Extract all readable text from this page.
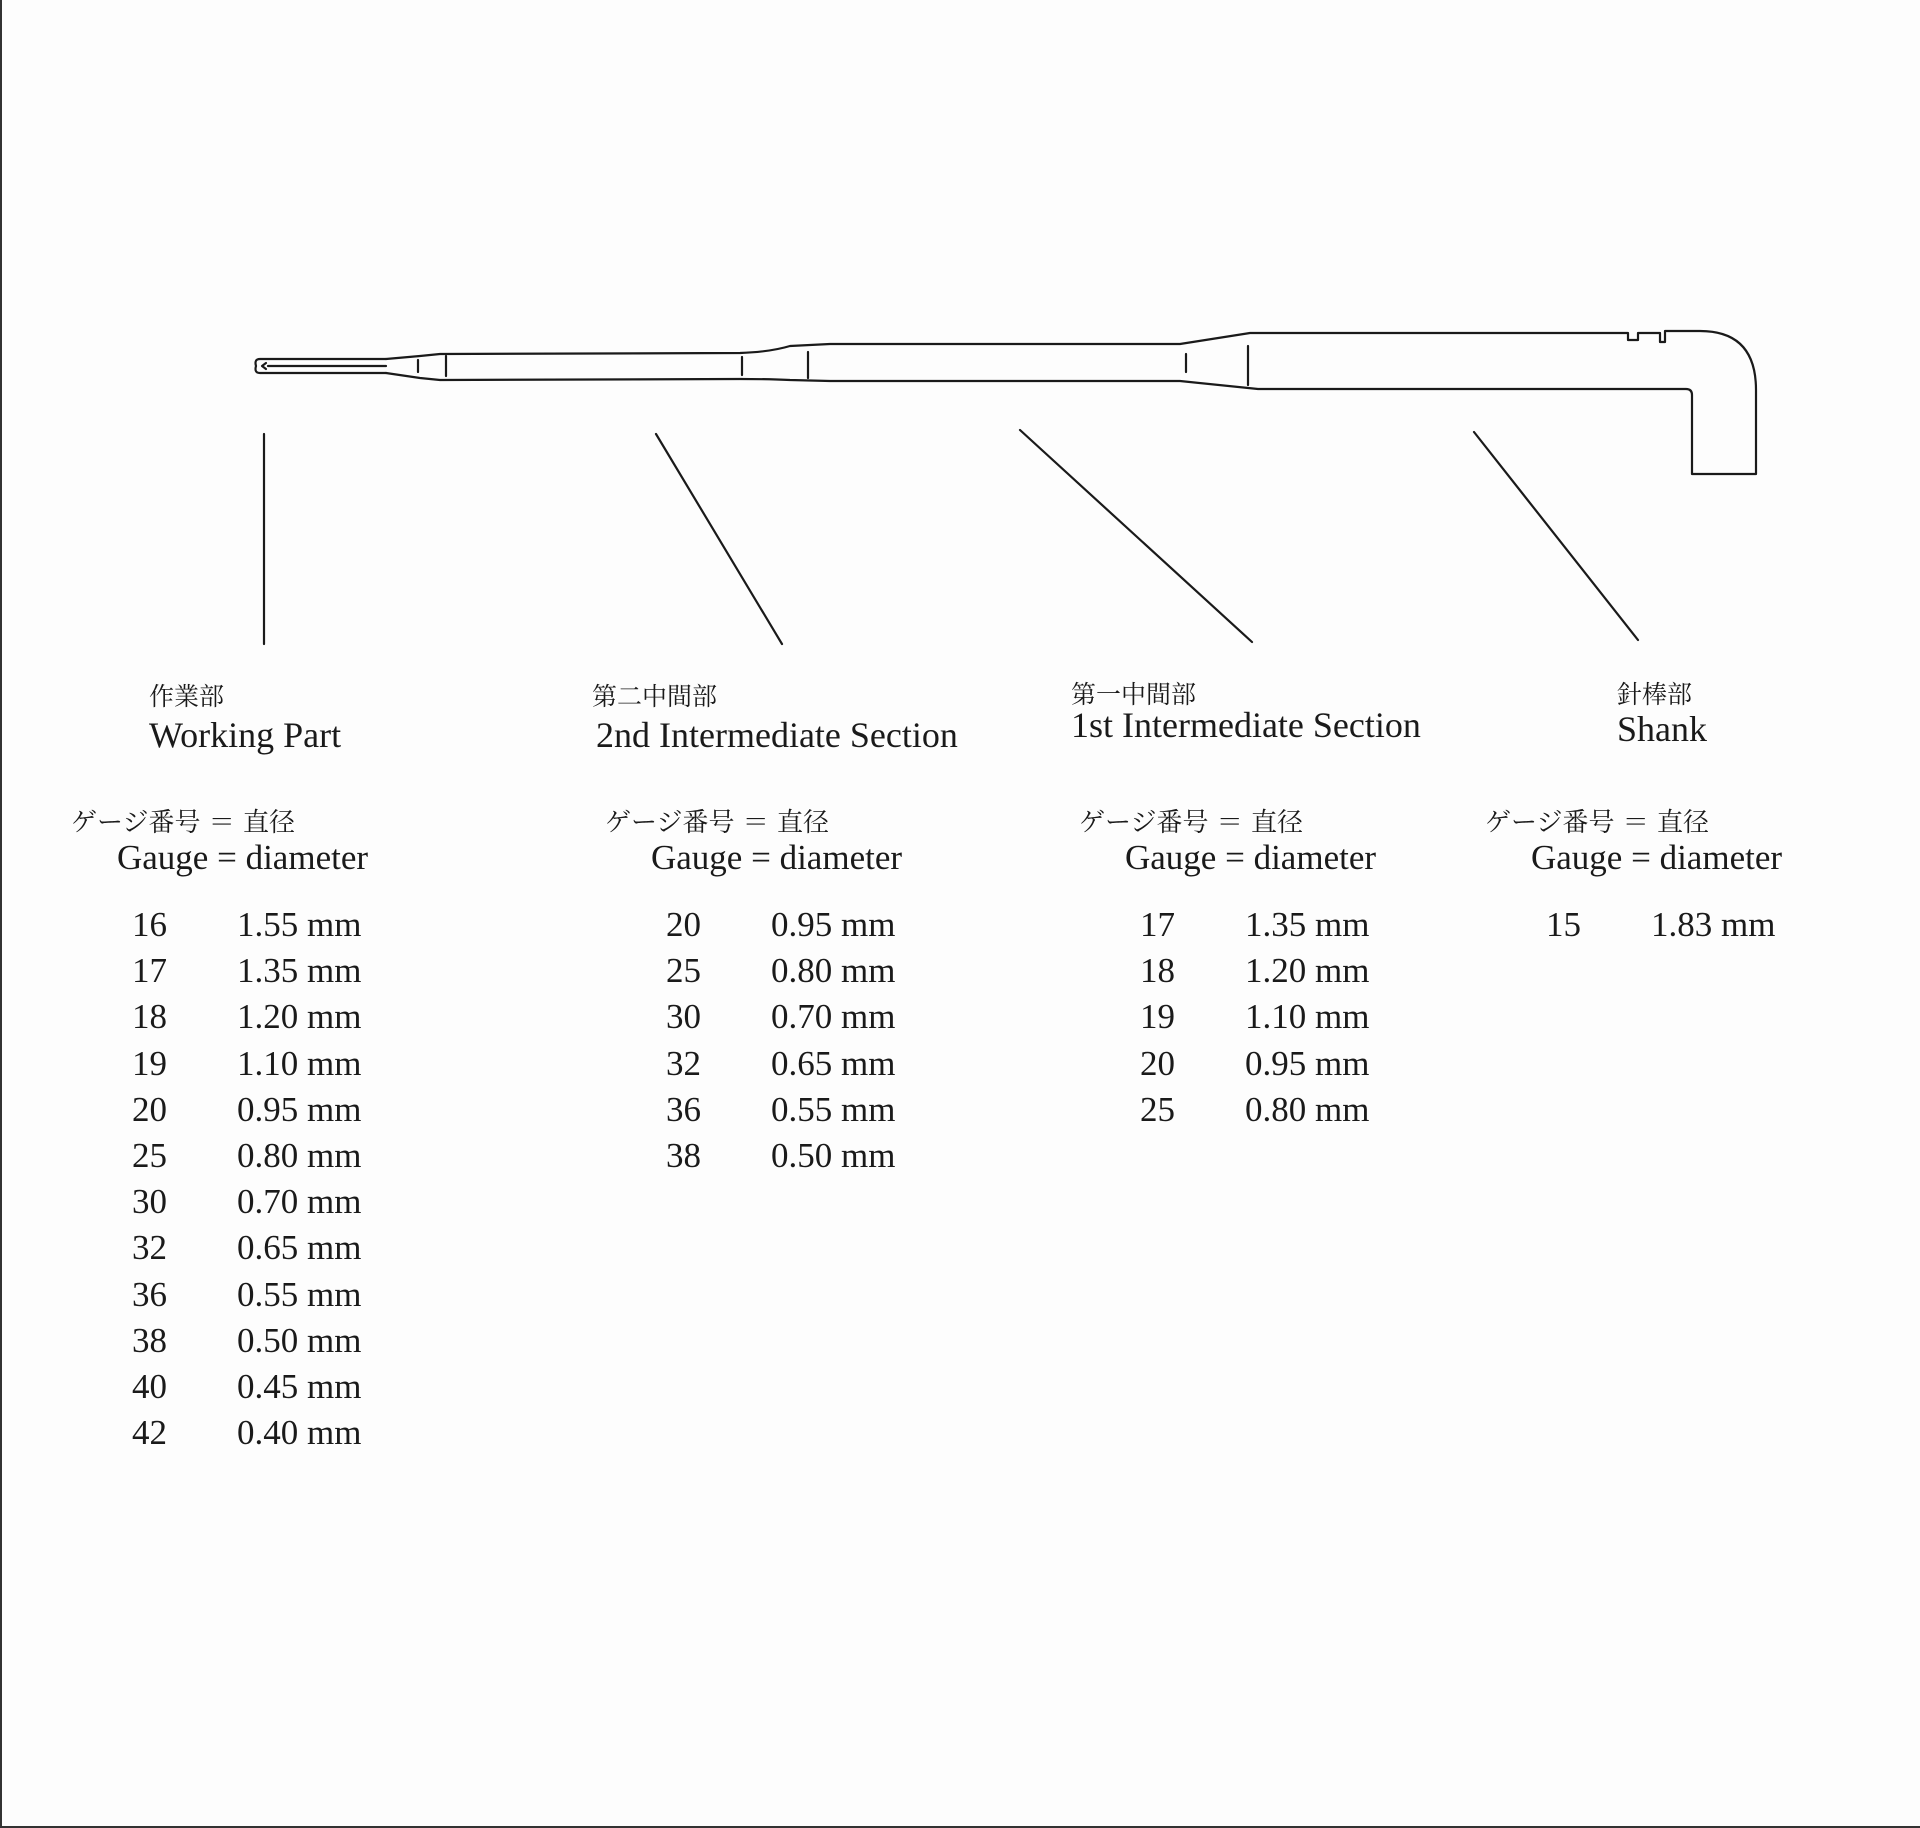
作業部
Working Part
第二中間部
2nd Intermediate Section
第一中間部
1st Intermediate Section
針棒部
Shank
ゲージ番号 ＝ 直径
Gauge = diameter
ゲージ番号 ＝ 直径
Gauge = diameter
ゲージ番号 ＝ 直径
Gauge = diameter
ゲージ番号 ＝ 直径
Gauge = diameter
16	1.55 mm
17	1.35 mm
18	1.20 mm
19	1.10 mm
20	0.95 mm
25	0.80 mm
30	0.70 mm
32	0.65 mm
36	0.55 mm
38	0.50 mm
40	0.45 mm
42	0.40 mm
20	0.95 mm
25	0.80 mm
30	0.70 mm
32	0.65 mm
36	0.55 mm
38	0.50 mm
17	1.35 mm
18	1.20 mm
19	1.10 mm
20	0.95 mm
25	0.80 mm
15	1.83 mm
